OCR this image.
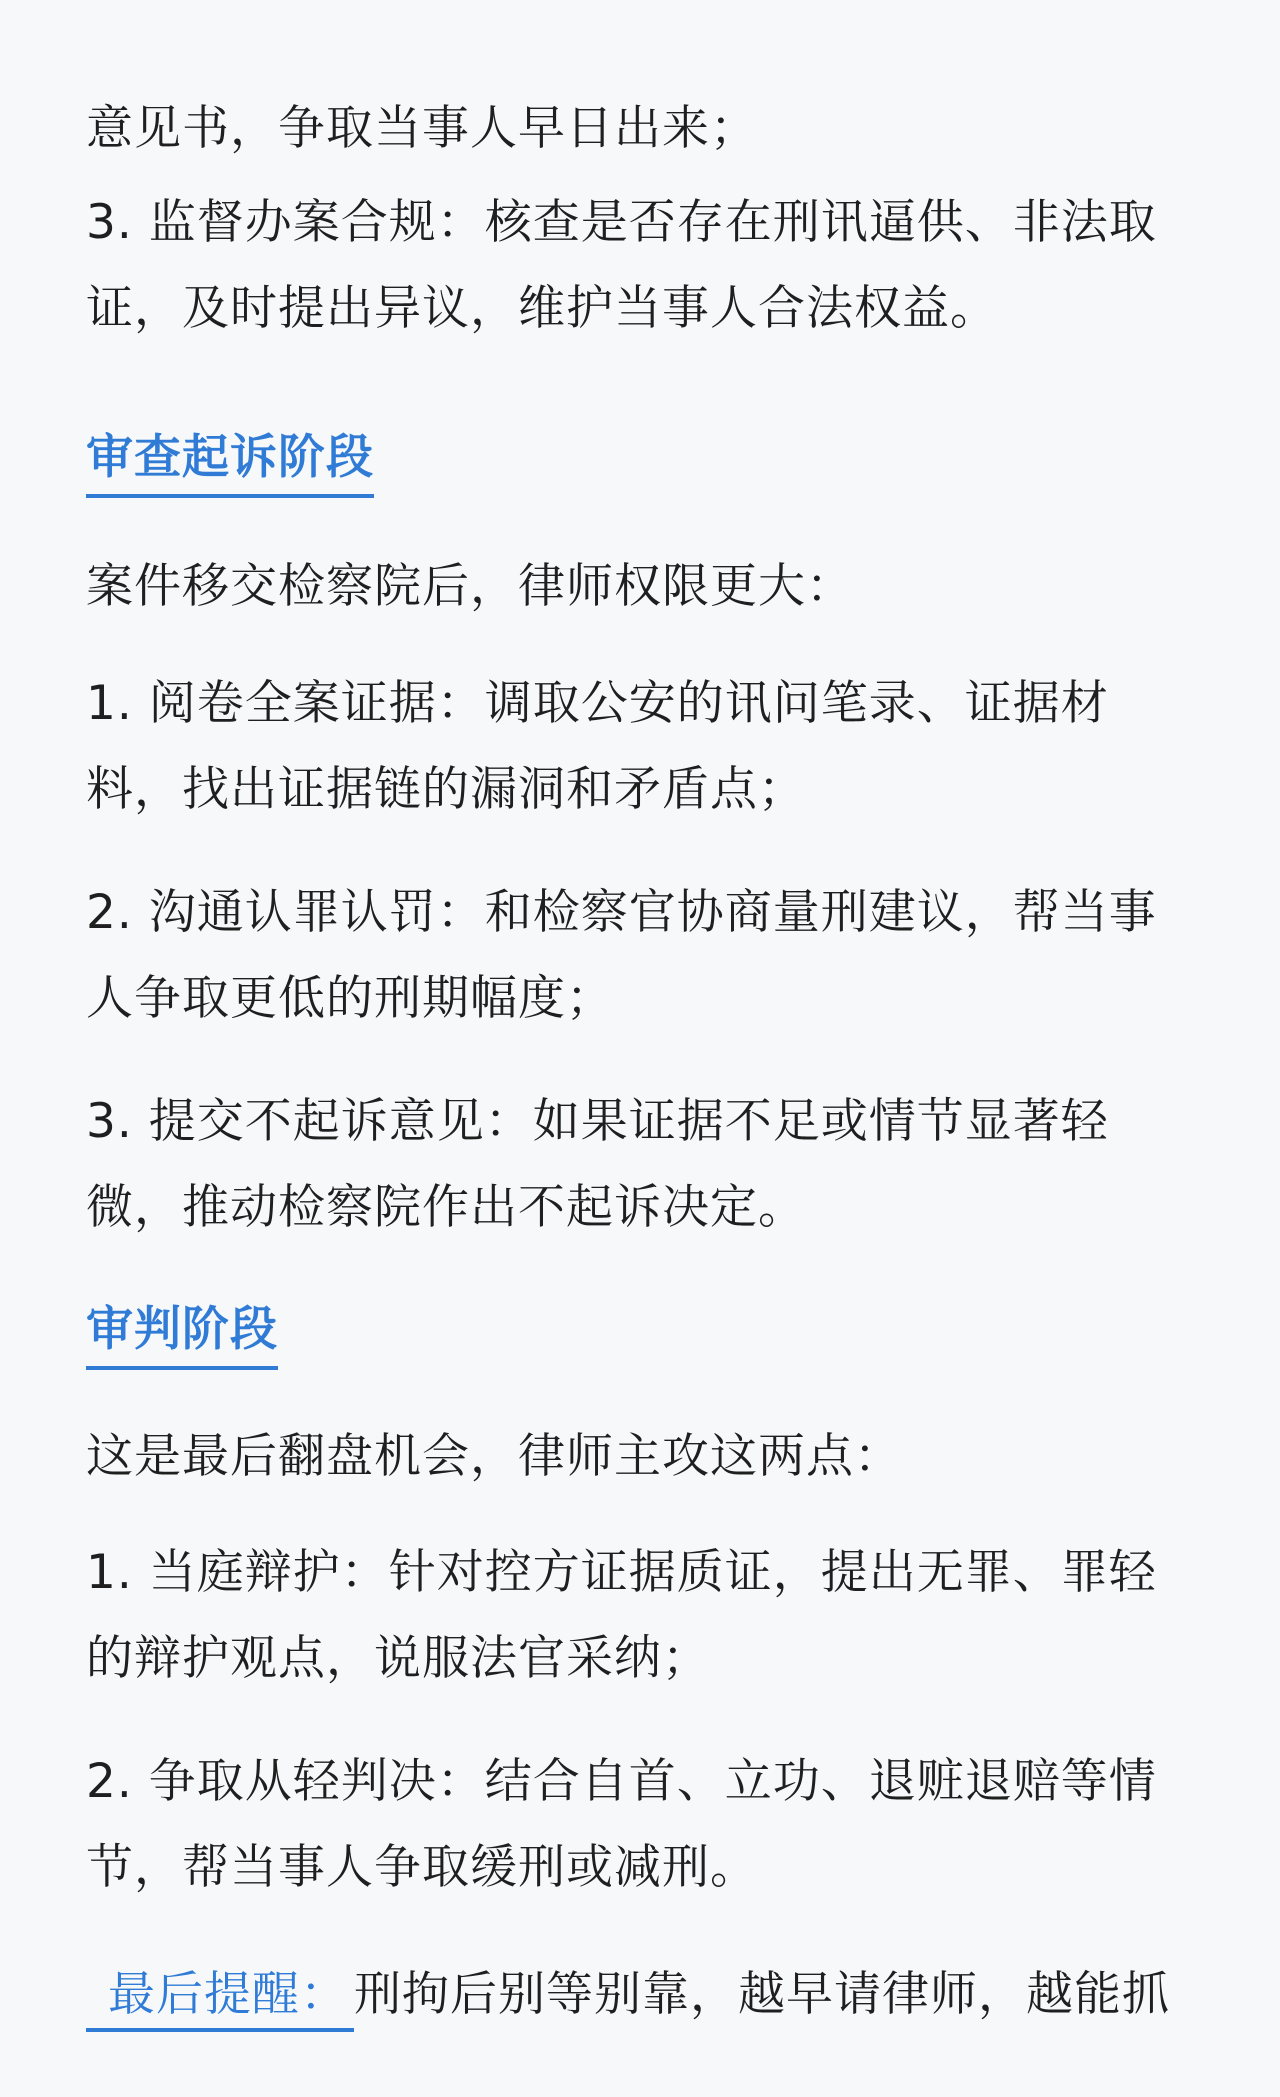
意见书，争取当事人早日出来；

3. 监督办案合规：核查是否存在刑讯逼供、非法取证，及时提出异议，维护当事人合法权益。

审查起诉阶段

案件移交检察院后，律师权限更大：

1. 阅卷全案证据：调取公安的讯问笔录、证据材料，找出证据链的漏洞和矛盾点；

2. 沟通认罪认罚：和检察官协商量刑建议，帮当事人争取更低的刑期幅度；

3. 提交不起诉意见：如果证据不足或情节显著轻微，推动检察院作出不起诉决定。

审判阶段

这是最后翻盘机会，律师主攻这两点：

1. 当庭辩护：针对控方证据质证，提出无罪、罪轻的辩护观点，说服法官采纳；

2. 争取从轻判决：结合自首、立功、退赃退赔等情节，帮当事人争取缓刑或减刑。

最后提醒： 刑拘后别等别靠，越早请律师，越能抓
